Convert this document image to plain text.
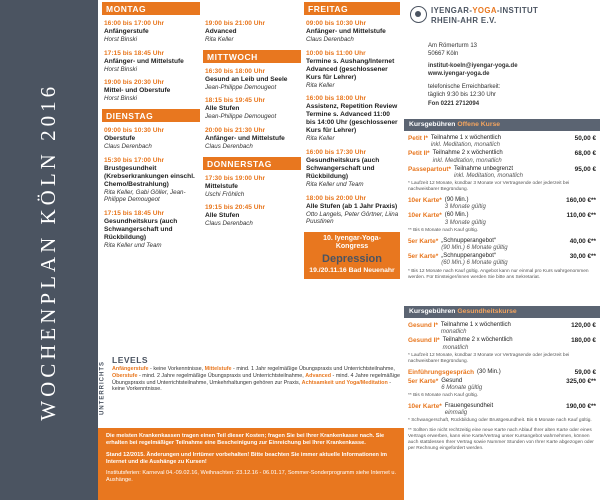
WOCHENPLAN KÖLN 2016
MONTAG
16:00 bis 17:00 Uhr
Anfängerstufe
Horst Binski
17:15 bis 18:45 Uhr
Anfänger- und Mittelstufe
Horst Binski
19:00 bis 20:30 Uhr
Mittel- und Oberstufe
Horst Binski
DIENSTAG
09:00 bis 10:30 Uhr
Oberstufe
Claus Derenbach
15:30 bis 17:00 Uhr
Brustgesundheit (Krebserkrankungen einschl. Chemo/Bestrahlung)
Rita Keller, Gabi Göller, Jean-Philippe Demougeot
17:15 bis 18:45 Uhr
Gesundheitskurs (auch Schwangerschaft und Rückbildung)
Rita Keller und Team
19:00 bis 21:00 Uhr
Advanced
Rita Keller
MITTWOCH
16:30 bis 18:00 Uhr
Gesund an Leib und Seele
Jean-Philippe Demougeot
18:15 bis 19:45 Uhr
Alle Stufen
Jean-Philippe Demougeot
20:00 bis 21:30 Uhr
Anfänger- und Mittelstufe
Claus Derenbach
DONNERSTAG
17:30 bis 19:00 Uhr
Mittelstufe
Uschi Fröhlich
19:15 bis 20:45 Uhr
Alle Stufen
Claus Derenbach
FREITAG
09:00 bis 10:30 Uhr
Anfänger- und Mittelstufe
Claus Derenbach
10:00 bis 11:00 Uhr
Termine s. Aushang/Internet Advanced (geschlossener Kurs für Lehrer)
Rita Keller
16:00 bis 18:00 Uhr
Assistenz, Repetition Review Termine s. Advanced 11:00 bis 14:00 Uhr (geschlossener Kurs für Lehrer)
Rita Keller
16:00 bis 17:30 Uhr
Gesundheitskurs (auch Schwangerschaft und Rückbildung)
Rita Keller und Team
18:00 bis 20:00 Uhr
Alle Stufen (ab 1 Jahr Praxis)
Otto Langels, Peter Görtner, Liina Puustinen
10. Iyengar-Yoga-Kongress
Depression
19./20.11.16 Bad Neuenahr
UNTERRICHTS
LEVELS

Anfängerstufe - keine Vorkenntnisse, Mittelstufe - mind. 1 Jahr regelmäßige Übungspraxis und Unterrichtsteilnahme, Oberstufe - mind. 2 Jahre regelmäßige Übungspraxis und Unterrichtsteilnahme, Advanced - mind. 4 Jahre regelmäßige Übungspraxis und Unterrichtsteilnahme, Umkehrhaltungen gehören zur Praxis, Achtsamkeit und Yoga/Meditation - keine Vorkenntnisse.

Die meisten Krankenkassen tragen einen Teil dieser Kosten; fragen Sie bei Ihrer Krankenkasse nach. Sie erhalten bei regelmäßiger Teilnahme eine Bescheinigung zur Einreichung bei Ihrer Krankenkasse.

Stand 12/2015. Änderungen und Irrtümer vorbehalten! Bitte beachten Sie immer aktuelle Informationen im Internet und die Aushänge zu Kursen!

Institutsferien: Karneval 04.-09.02.16, Weihnachten: 23.12.16 - 06.01.17, Sommer-Sonderprogramm siehe Internet u. Aushänge.

IYENGAR-YOGA-INSTITUT
RHEIN-AHR E.V.
Am Römerturm 13
50667 Köln
institut-koeln@iyengar-yoga.de
www.iyengar-yoga.de
telefonische Erreichbarkeit:
täglich 9:30 bis 12:30 Uhr
Fon 0221 2712094
Kursgebühren Offene Kurse
Petit I* Teilnahme 1 x wöchentlich
inkl. Meditation, monatlich
50,00 €
Petit II* Teilnahme 2 x wöchentlich
inkl. Meditation, monatlich
68,00 €
Passepartout* Teilnahme unbegrenzt
inkl. Meditation, monatlich
95,00 €
* Laufzeit 12 Monate, kündbar 3 Monate vor Vertragsende oder jederzeit bei nachweisbarer Begründung.
10er Karte* (90 Min.)
3 Monate gültig
160,00 €**
10er Karte* (60 Min.)
3 Monate gültig
110,00 €**
** Bis 6 Monate nach Kauf gültig.
5er Karte* „Schnupperangebot“
(90 Min.) 6 Monate gültig
40,00 €**
5er Karte* „Schnupperangebot“
(60 Min.) 6 Monate gültig
30,00 €**
* Bis 12 Monate nach Kauf gültig. Angebot kann nur einmal pro Kurs wahrgenommen werden. Für Einsteiger/innen werden Sie bitte ans Sekretariat.
Kursgebühren Gesundheitskurse
Gesund I* Teilnahme 1 x wöchentlich
monatlich
120,00 €
Gesund II* Teilnahme 2 x wöchentlich
monatlich
180,00 €
* Laufzeit 12 Monate, kündbar 3 Monate vor Vertragsende oder jederzeit bei nachweisbarer Begründung.
Einführungsgespräch (30 Min.)	59,00 €
5er Karte* Gesund
6 Monate gültig
325,00 €**
** Bis 6 Monate nach Kauf gültig.
10er Karte* Frauengesundheit
einmalig
190,00 €**
* Schwangerschaft, Rückbildung oder Brustgesundheit. Bis 6 Monate nach Kauf gültig.
** Sollten Sie nicht rechtzeitig eine neue Karte nach Ablauf Ihrer alten Karte oder eines Vertrags erwerben, kann eine Karte/Vertrag unser Kursangebot wahrnehmen, können auch stattdessen Ihrer Vertrag sowie Nummer Stunden von Ihrer Karte abgezogen oder per Rechnung eingefordert werden.
